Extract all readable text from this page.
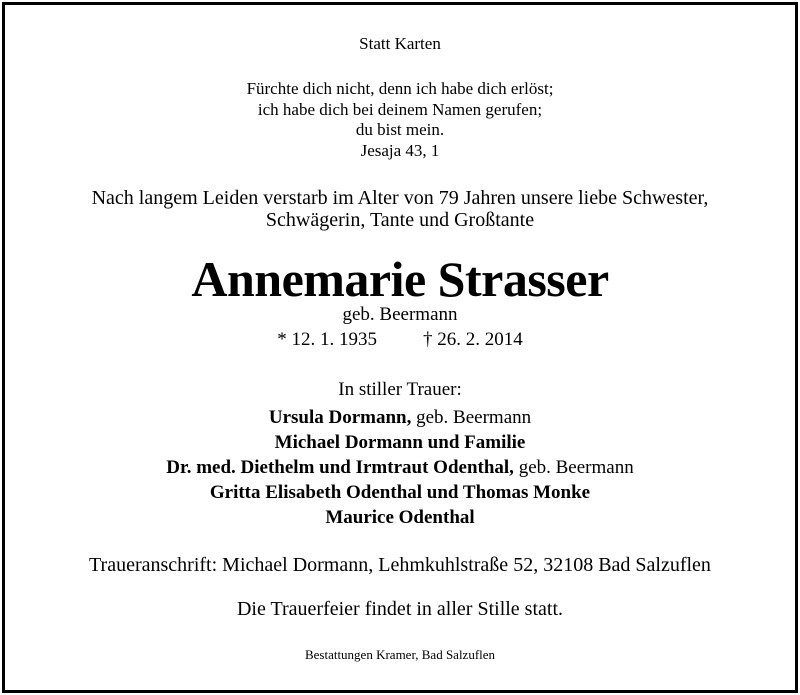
Statt Karten
Fürchte dich nicht, denn ich habe dich erlöst;
ich habe dich bei deinem Namen gerufen;
du bist mein.
Jesaja 43, 1
Nach langem Leiden verstarb im Alter von 79 Jahren unsere liebe Schwester,
Schwägerin, Tante und Großtante
Annemarie Strasser
geb. Beermann
* 12. 1. 1935 † 26. 2. 2014
In stiller Trauer:
Ursula Dormann, geb. Beermann
Michael Dormann und Familie
Dr. med. Diethelm und Irmtraut Odenthal, geb. Beermann
Gritta Elisabeth Odenthal und Thomas Monke
Maurice Odenthal
Traueranschrift: Michael Dormann, Lehmkuhlstraße 52, 32108 Bad Salzuflen
Die Trauerfeier findet in aller Stille statt.
Bestattungen Kramer, Bad Salzuflen
